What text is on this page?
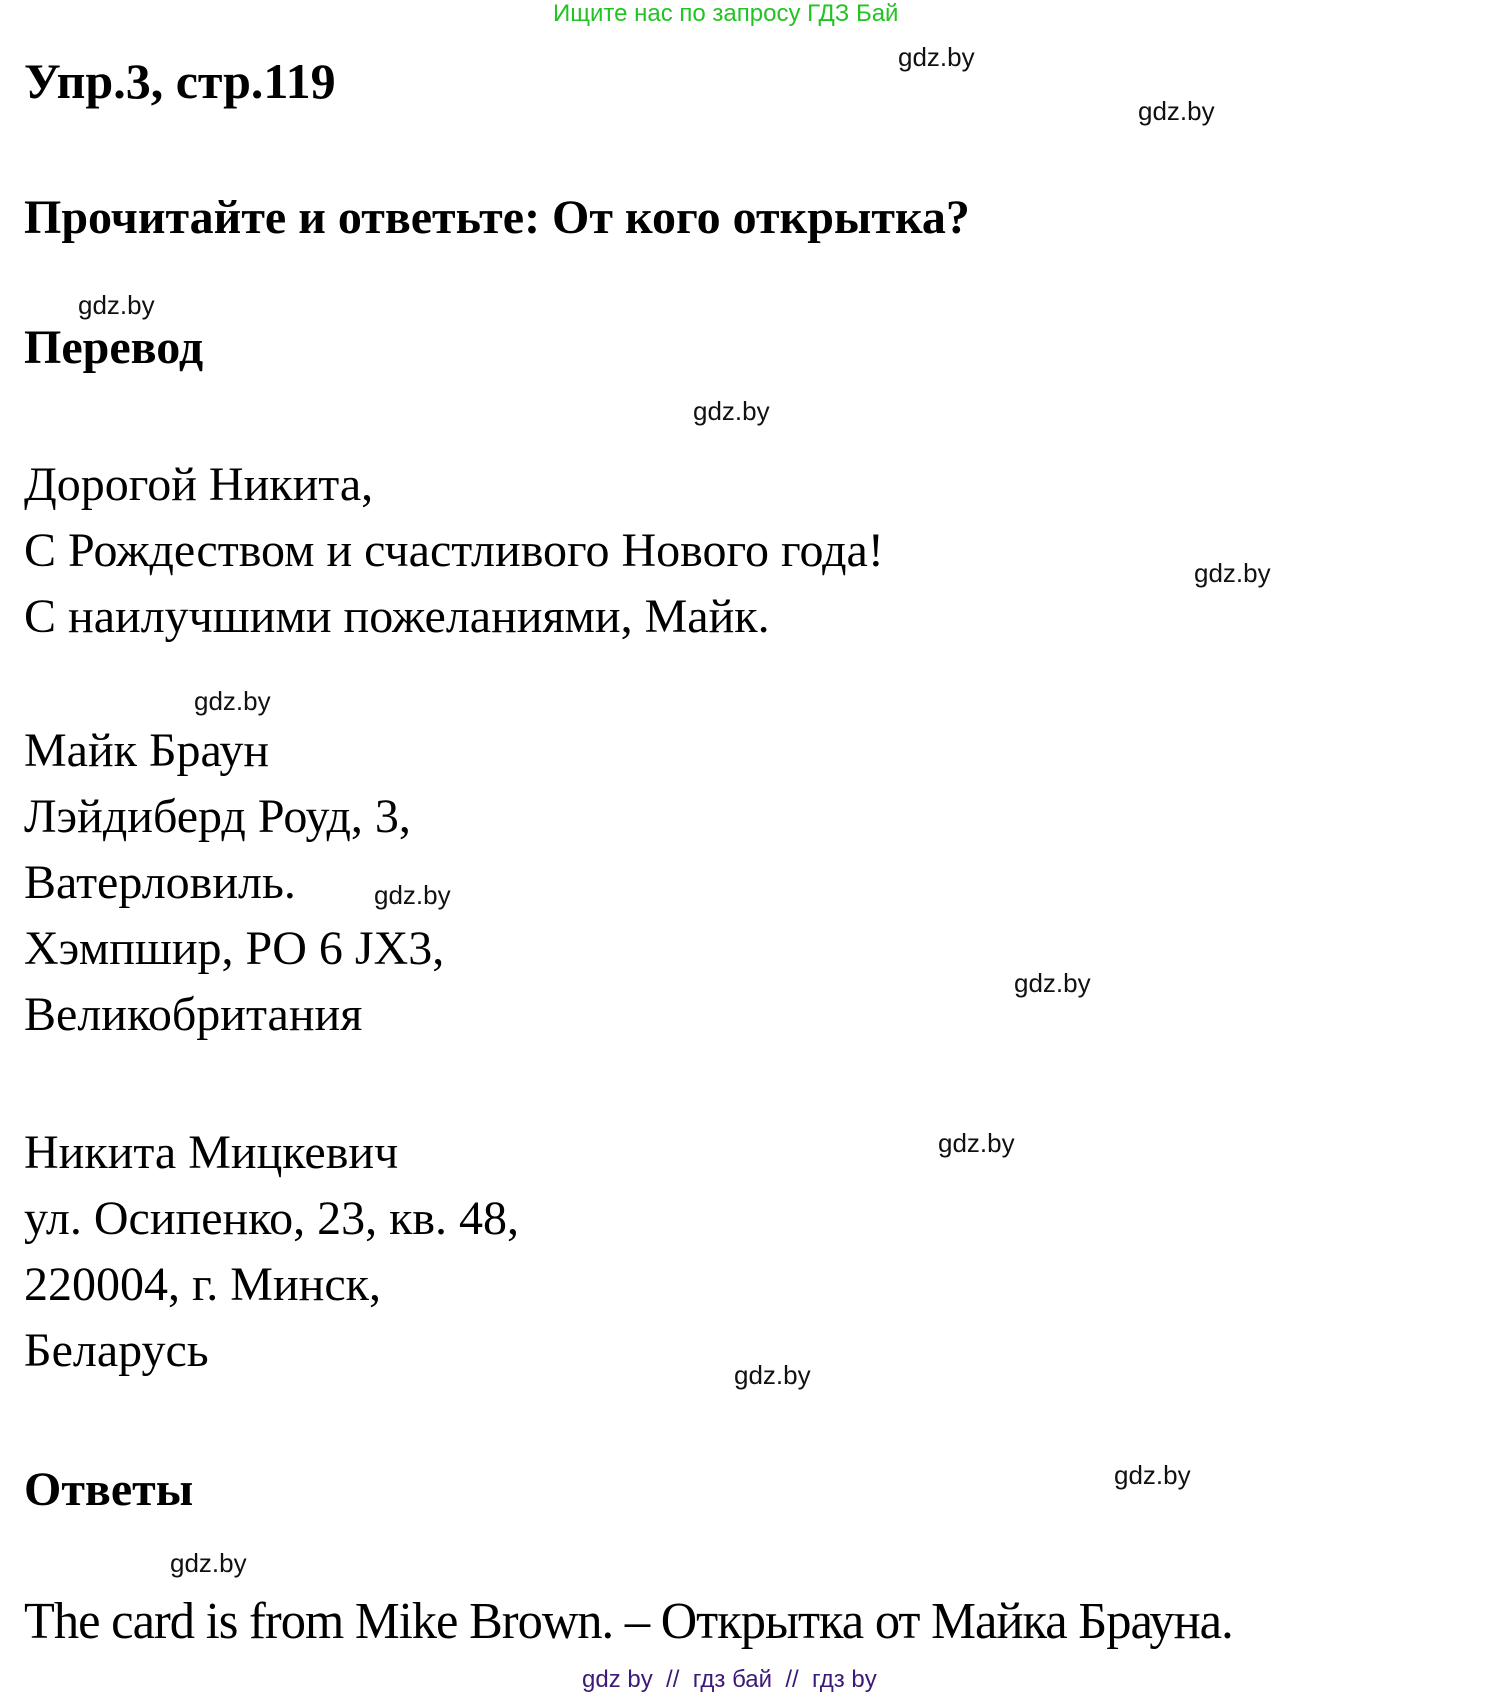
Ищите нас по запросу ГДЗ Бай
Упр.3, стр.119
Прочитайте и ответьте: От кого открытка?
Перевод
Дорогой Никита,
С Рождеством и счастливого Нового года!
С наилучшими пожеланиями, Майк.
Майк Браун
Лэйдиберд Роуд, 3,
Ватерловиль.
Хэмпшир, PO 6 JX3,
Великобритания
Никита Мицкевич
ул. Осипенко, 23, кв. 48,
220004, г. Минск,
Беларусь
Ответы
The card is from Mike Brown. – Открытка от Майка Брауна.
gdz.by
gdz.by
gdz.by
gdz.by
gdz.by
gdz.by
gdz.by
gdz.by
gdz.by
gdz.by
gdz.by
gdz.by
gdz by  //  гдз бай  //  гдз by
